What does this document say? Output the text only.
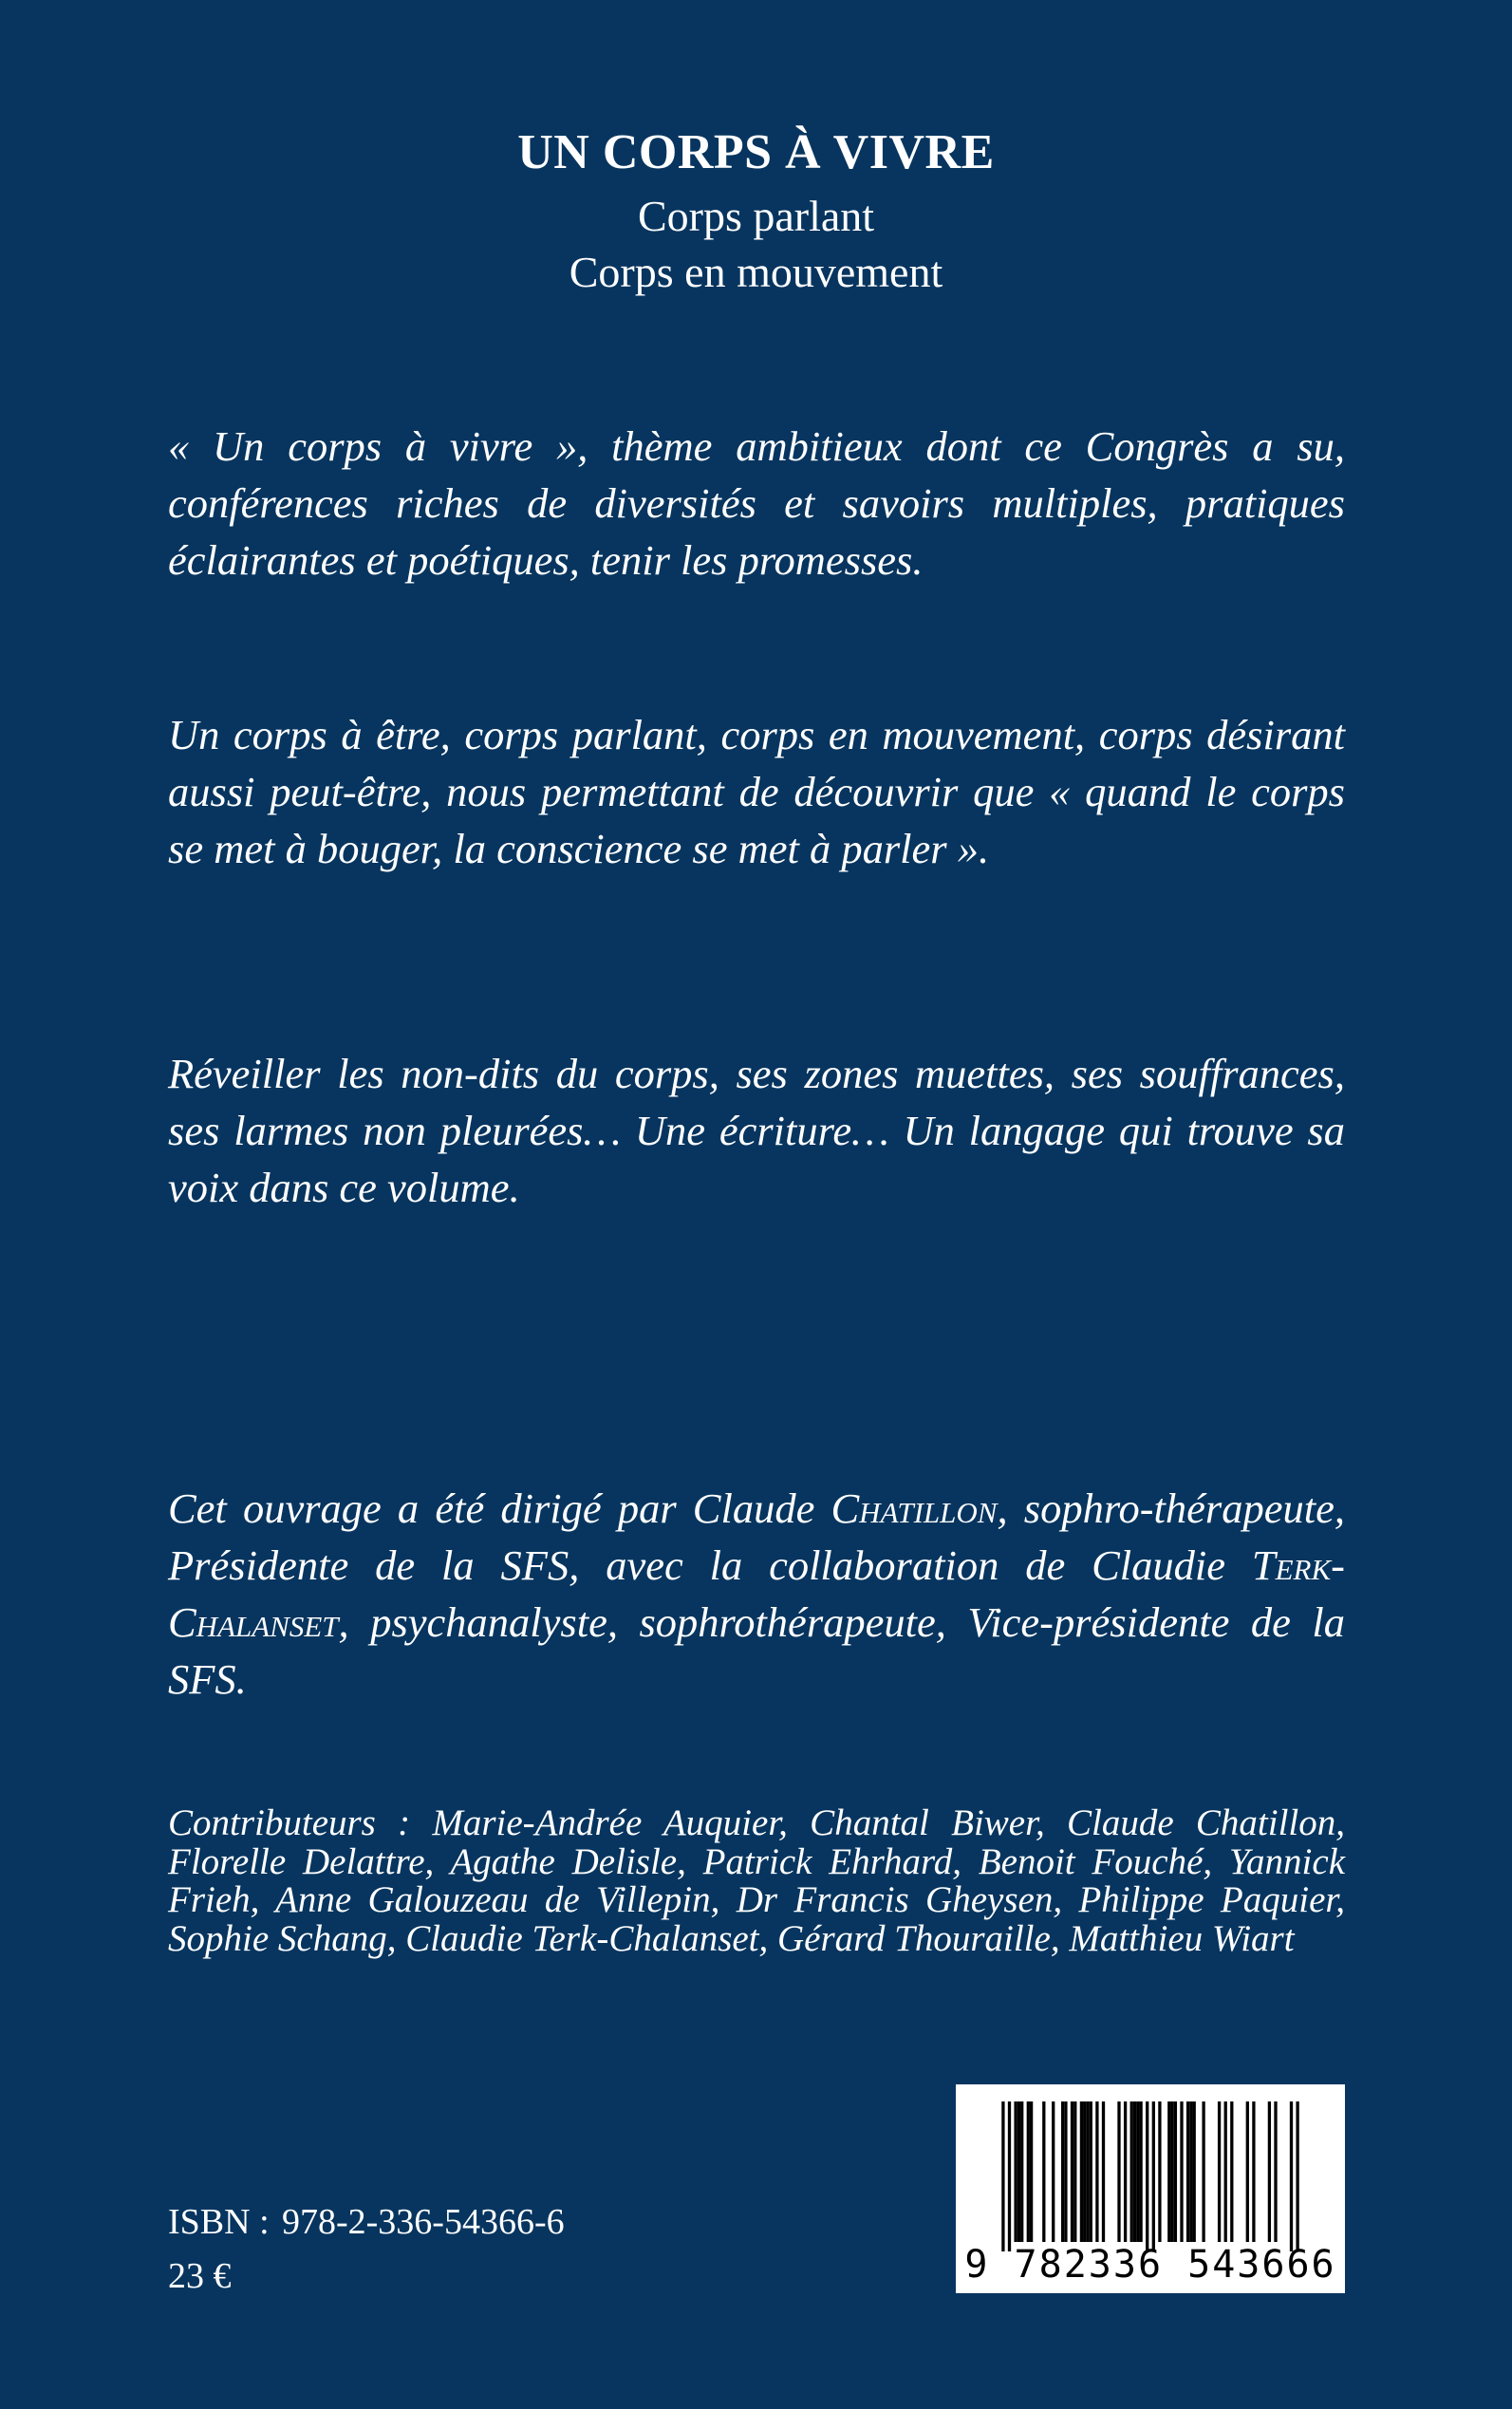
UN CORPS À VIVRE
Corps parlant
Corps en mouvement
« Un corps à vivre », thème ambitieux dont ce Congrès a su, conférences riches de diversités et savoirs multiples, pratiques éclairantes et poétiques, tenir les promesses.
Un corps à être, corps parlant, corps en mouvement, corps désirant aussi peut-être, nous permettant de découvrir que « quand le corps se met à bouger, la conscience se met à parler ».
Réveiller les non-dits du corps, ses zones muettes, ses souffrances, ses larmes non pleurées… Une écriture… Un langage qui trouve sa voix dans ce volume.
Cet ouvrage a été dirigé par Claude Chatillon, sophro-thérapeute, Présidente de la SFS, avec la collaboration de Claudie Terk-Chalanset, psychanalyste, sophrothérapeute, Vice-présidente de la SFS.
Contributeurs : Marie-Andrée Auquier, Chantal Biwer, Claude Chatillon, Florelle Delattre, Agathe Delisle, Patrick Ehrhard, Benoit Fouché, Yannick Frieh, Anne Galouzeau de Villepin, Dr Francis Gheysen, Philippe Paquier, Sophie Schang, Claudie Terk-Chalanset, Gérard Thouraille, Matthieu Wiart
ISBN : 978-2-336-54366-6
23 €	9 782336 543666
